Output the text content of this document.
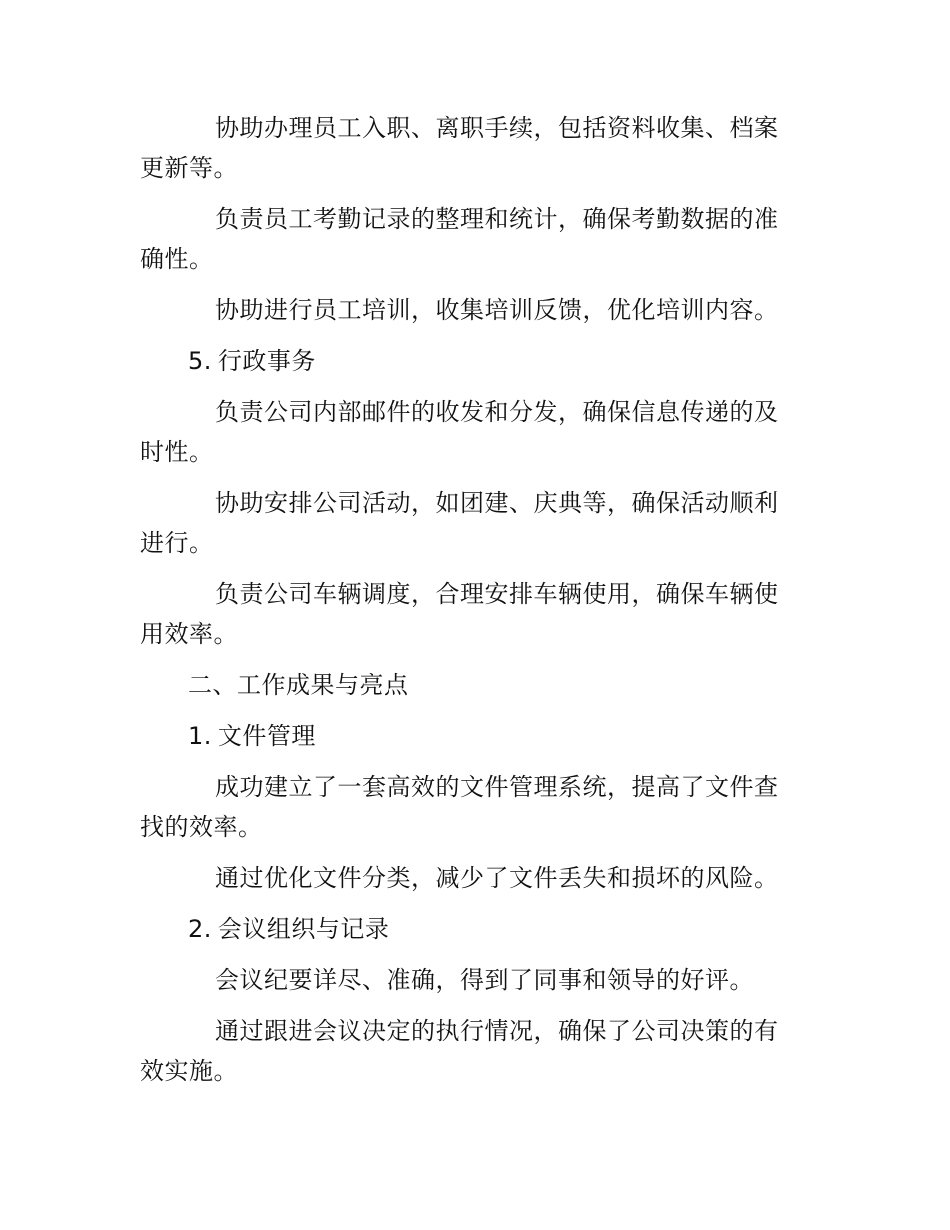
协助办理员工入职、离职手续，包括资料收集、档案更新等。

负责员工考勤记录的整理和统计，确保考勤数据的准确性。

协助进行员工培训，收集培训反馈，优化培训内容。

5. 行政事务

负责公司内部邮件的收发和分发，确保信息传递的及时性。

协助安排公司活动，如团建、庆典等，确保活动顺利进行。

负责公司车辆调度，合理安排车辆使用，确保车辆使用效率。

二、工作成果与亮点
1. 文件管理

成功建立了一套高效的文件管理系统，提高了文件查找的效率。

通过优化文件分类，减少了文件丢失和损坏的风险。

2. 会议组织与记录

会议纪要详尽、准确，得到了同事和领导的好评。

通过跟进会议决定的执行情况，确保了公司决策的有效实施。
